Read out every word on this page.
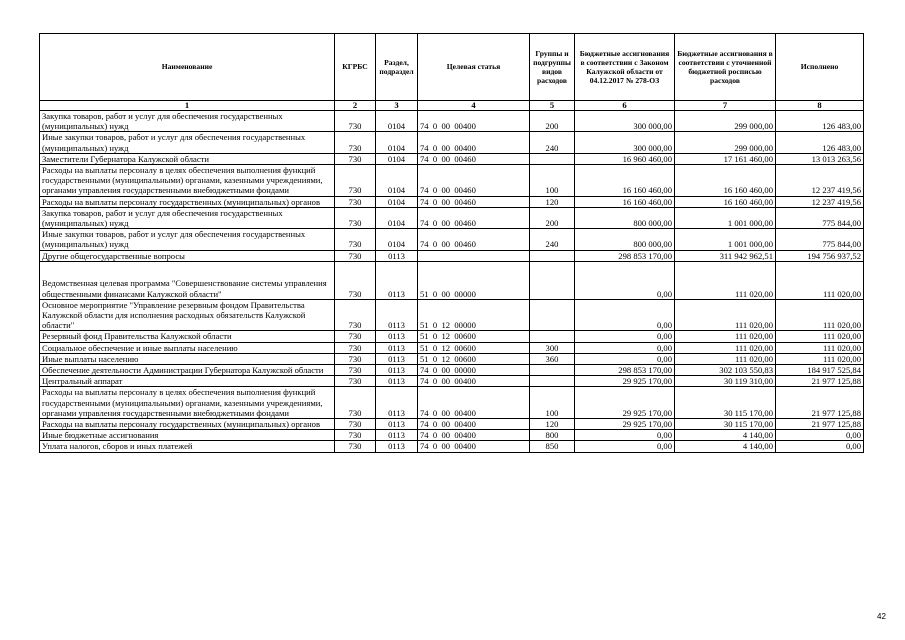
Наименование	КГРБС	Раздел, подраздел	Целевая статья	Группы и подгруппы видов расходов	Бюджетные ассигнования в соответствии с Законом Калужской области от 04.12.2017 № 278-ОЗ	Бюджетные ассигнования в соответствии с уточненной бюджетной росписью расходов	Исполнено
1	2	3	4	5	6	7	8
Закупка товаров, работ и услуг для обеспечения государственных (муниципальных) нужд	730	0104	74  0  00  00400	200	300 000,00	299 000,00	126 483,00
Иные закупки товаров, работ и услуг для обеспечения государственных (муниципальных) нужд	730	0104	74  0  00  00400	240	300 000,00	299 000,00	126 483,00
Заместители Губернатора Калужской области	730	0104	74  0  00  00460		16 960 460,00	17 161 460,00	13 013 263,56
Расходы на выплаты персоналу в целях обеспечения выполнения функций государственными (муниципальными) органами, казенными учреждениями, органами управления государственными внебюджетными фондами	730	0104	74  0  00  00460	100	16 160 460,00	16 160 460,00	12 237 419,56
Расходы на выплаты персоналу государственных (муниципальных) органов	730	0104	74  0  00  00460	120	16 160 460,00	16 160 460,00	12 237 419,56
Закупка товаров, работ и услуг для обеспечения государственных (муниципальных) нужд	730	0104	74  0  00  00460	200	800 000,00	1 001 000,00	775 844,00
Иные закупки товаров, работ и услуг для обеспечения государственных (муниципальных) нужд	730	0104	74  0  00  00460	240	800 000,00	1 001 000,00	775 844,00
Другие общегосударственные вопросы	730	0113			298 853 170,00	311 942 962,51	194 756 937,52
Ведомственная целевая программа "Совершенствование системы управления общественными финансами Калужской области"	730	0113	51  0  00  00000		0,00	111 020,00	111 020,00
Основное мероприятие "Управление резервным фондом Правительства Калужской области для исполнения расходных обязательств Калужской области"	730	0113	51  0  12  00000		0,00	111 020,00	111 020,00
Резервный фонд Правительства Калужской области	730	0113	51  0  12  00600		0,00	111 020,00	111 020,00
Социальное обеспечение и иные выплаты населению	730	0113	51  0  12  00600	300	0,00	111 020,00	111 020,00
Иные выплаты населению	730	0113	51  0  12  00600	360	0,00	111 020,00	111 020,00
Обеспечение деятельности Администрации Губернатора Калужской области	730	0113	74  0  00  00000		298 853 170,00	302 103 550,83	184 917 525,84
Центральный аппарат	730	0113	74  0  00  00400		29 925 170,00	30 119 310,00	21 977 125,88
Расходы на выплаты персоналу в целях обеспечения выполнения функций государственными (муниципальными) органами, казенными учреждениями, органами управления государственными внебюджетными фондами	730	0113	74  0  00  00400	100	29 925 170,00	30 115 170,00	21 977 125,88
Расходы на выплаты персоналу государственных (муниципальных) органов	730	0113	74  0  00  00400	120	29 925 170,00	30 115 170,00	21 977 125,88
Иные бюджетные ассигнования	730	0113	74  0  00  00400	800	0,00	4 140,00	0,00
Уплата налогов, сборов и иных платежей	730	0113	74  0  00  00400	850	0,00	4 140,00	0,00
42
